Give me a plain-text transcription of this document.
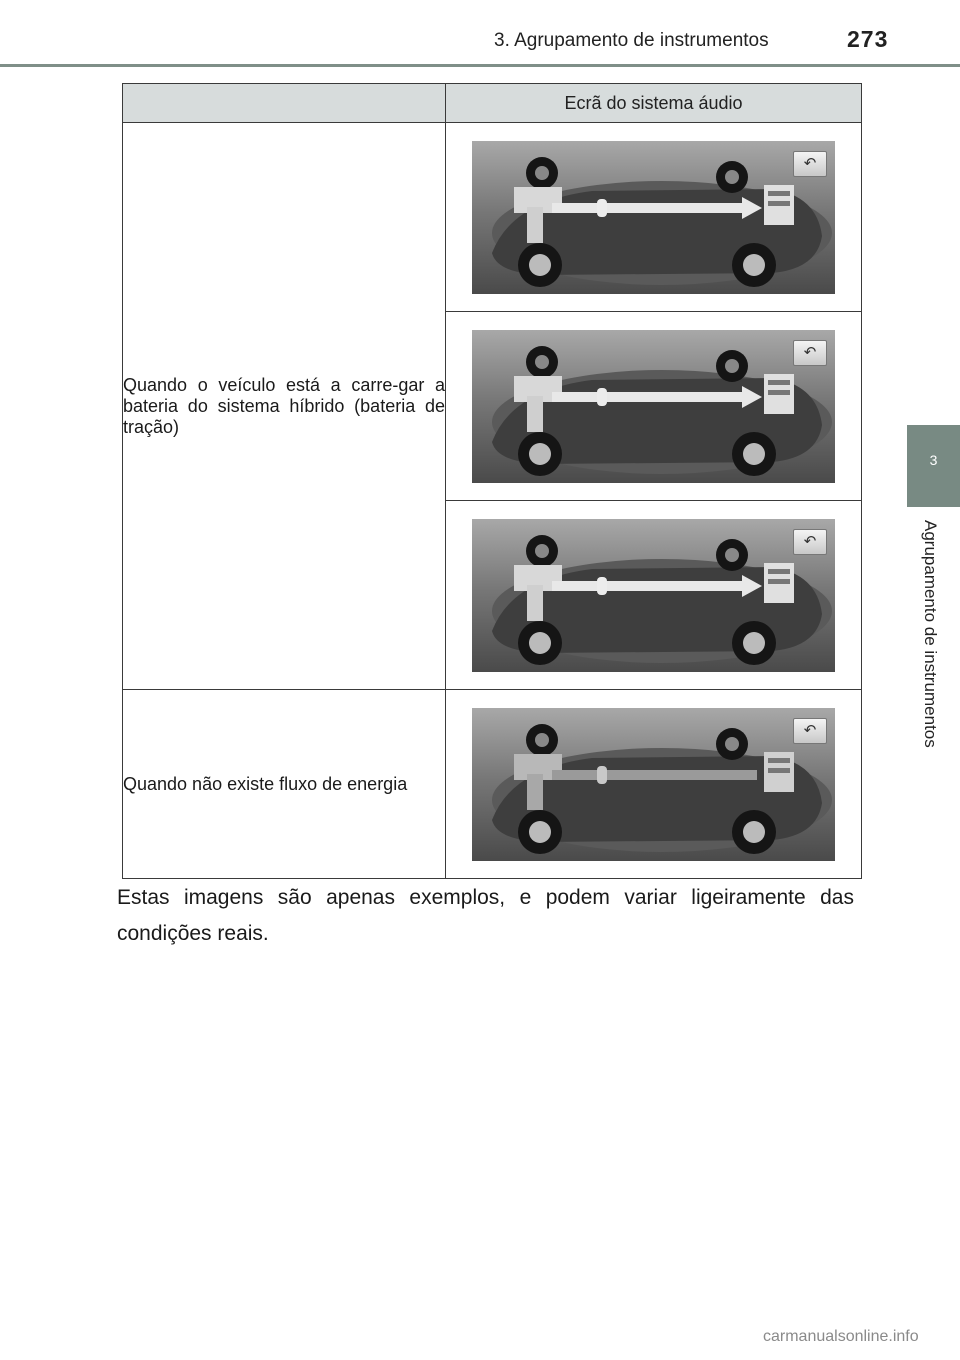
3. Agrupamento de instrumentos	273
3
Agrupamento de instrumentos
	Ecrã do sistema áudio
Quando o veículo está a carre-gar a bateria do sistema híbrido (bateria de tração)	↶

	↶

	↶

Quando não existe fluxo de energia	↶
Estas imagens são apenas exemplos, e podem variar ligeiramente das condições reais.
carmanualsonline.info
